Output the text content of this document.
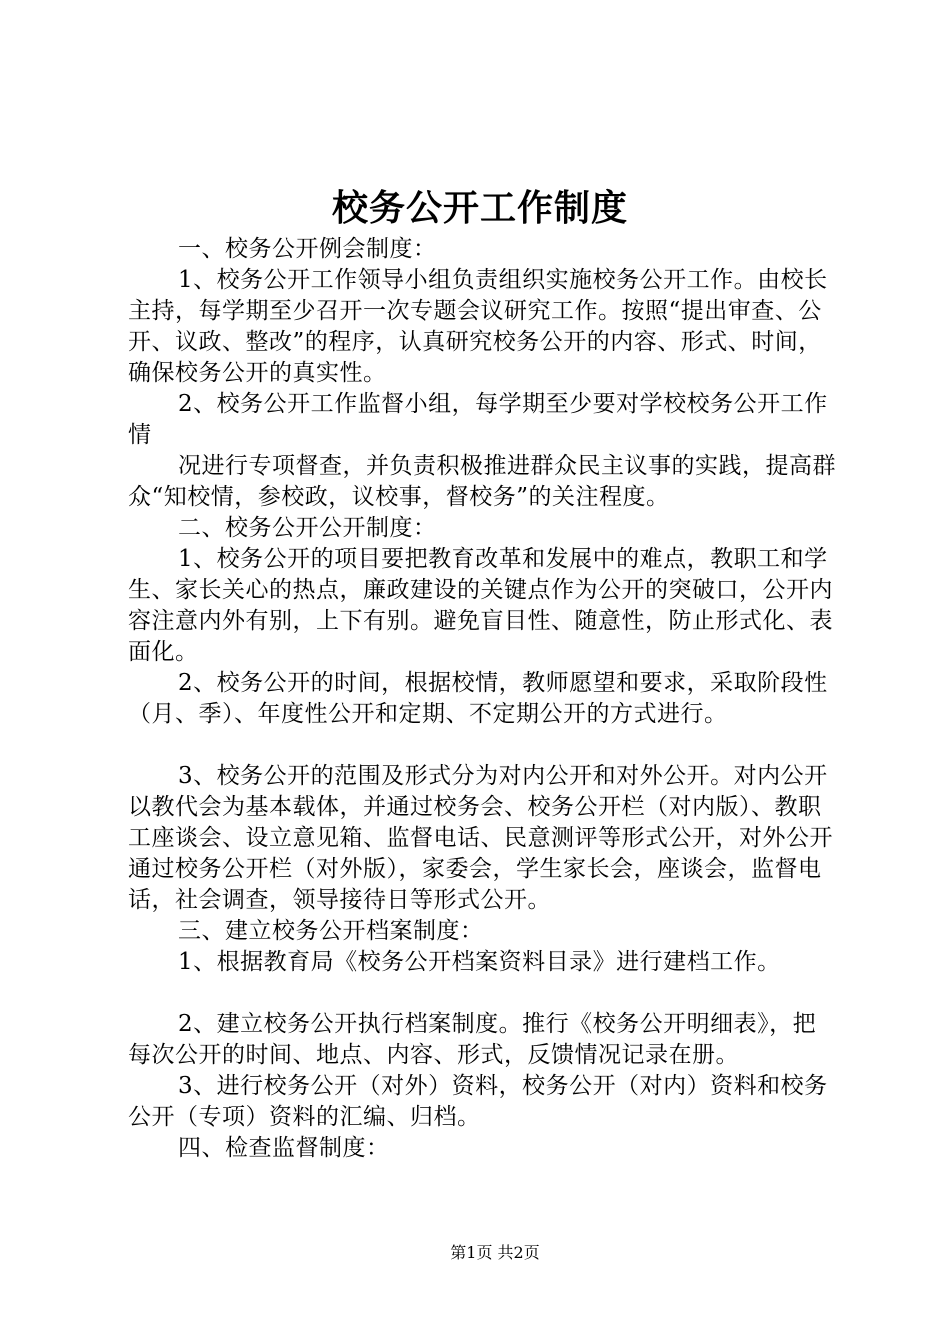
校务公开工作制度

一、校务公开例会制度：

1、校务公开工作领导小组负责组织实施校务公开工作。由校长主持，每学期至少召开一次专题会议研究工作。按照“提出审查、公开、议政、整改”的程序，认真研究校务公开的内容、形式、时间，确保校务公开的真实性。

2、校务公开工作监督小组，每学期至少要对学校校务公开工作情

况进行专项督查，并负责积极推进群众民主议事的实践，提高群众“知校情，参校政，议校事，督校务”的关注程度。

二、校务公开公开制度：

1、校务公开的项目要把教育改革和发展中的难点，教职工和学生、家长关心的热点，廉政建设的关键点作为公开的突破口，公开内容注意内外有别，上下有别。避免盲目性、随意性，防止形式化、表面化。

2、校务公开的时间，根据校情，教师愿望和要求，采取阶段性（月、季）、年度性公开和定期、不定期公开的方式进行。

3、校务公开的范围及形式分为对内公开和对外公开。对内公开以教代会为基本载体，并通过校务会、校务公开栏（对内版）、教职工座谈会、设立意见箱、监督电话、民意测评等形式公开，对外公开通过校务公开栏（对外版），家委会，学生家长会，座谈会，监督电话，社会调查，领导接待日等形式公开。

三、建立校务公开档案制度：

1、根据教育局《校务公开档案资料目录》进行建档工作。

2、建立校务公开执行档案制度。推行《校务公开明细表》，把每次公开的时间、地点、内容、形式，反馈情况记录在册。

3、进行校务公开（对外）资料，校务公开（对内）资料和校务公开（专项）资料的汇编、归档。

四、检查监督制度：

第1页 共2页
